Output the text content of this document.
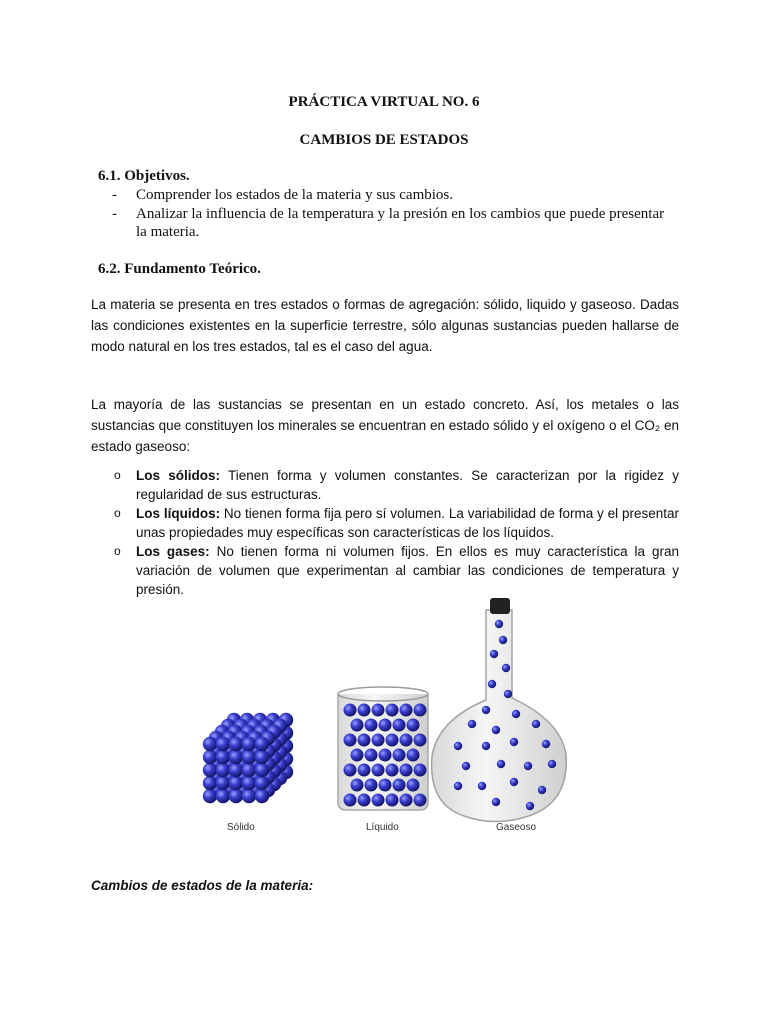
PRÁCTICA VIRTUAL NO. 6
CAMBIOS DE ESTADOS
6.1. Objetivos.
- Comprender los estados de la materia y sus cambios.
- Analizar la influencia de la temperatura y la presión en los cambios que puede presentar la materia.
6.2. Fundamento Teórico.
La materia se presenta en tres estados o formas de agregación: sólido, liquido y gaseoso. Dadas las condiciones existentes en la superficie terrestre, sólo algunas sustancias pueden hallarse de modo natural en los tres estados, tal es el caso del agua.
La mayoría de las sustancias se presentan en un estado concreto. Así, los metales o las sustancias que constituyen los minerales se encuentran en estado sólido y el oxígeno o el CO₂ en estado gaseoso:
o Los sólidos: Tienen forma y volumen constantes. Se caracterizan por la rigidez y regularidad de sus estructuras.
o Los líquidos: No tienen forma fija pero sí volumen. La variabilidad de forma y el presentar unas propiedades muy específicas son características de los líquidos.
o Los gases: No tienen forma ni volumen fijos. En ellos es muy característica la gran variación de volumen que experimentan al cambiar las condiciones de temperatura y presión.
Sólido	Líquido	Gaseoso
Cambios de estados de la materia:
